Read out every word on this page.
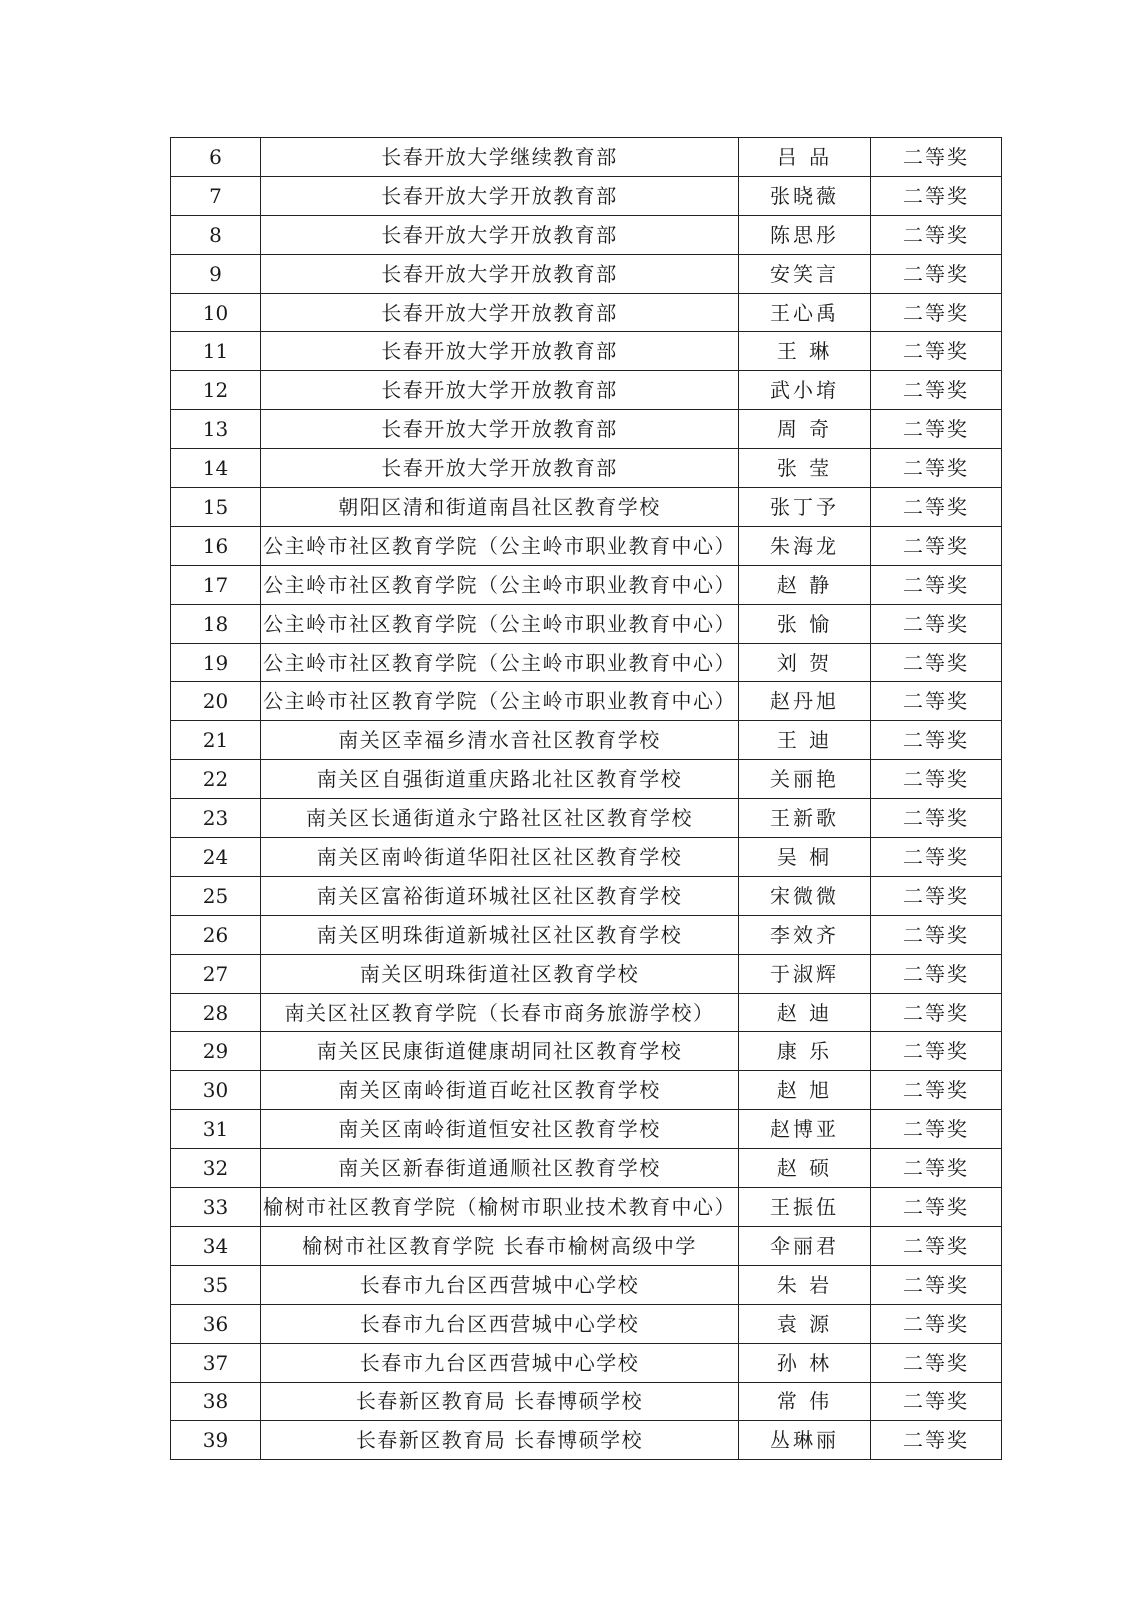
6	长春开放大学继续教育部	吕 品	二等奖
7	长春开放大学开放教育部	张晓薇	二等奖
8	长春开放大学开放教育部	陈思彤	二等奖
9	长春开放大学开放教育部	安笑言	二等奖
10	长春开放大学开放教育部	王心禹	二等奖
11	长春开放大学开放教育部	王 琳	二等奖
12	长春开放大学开放教育部	武小堉	二等奖
13	长春开放大学开放教育部	周 奇	二等奖
14	长春开放大学开放教育部	张 莹	二等奖
15	朝阳区清和街道南昌社区教育学校	张丁予	二等奖
16	公主岭市社区教育学院（公主岭市职业教育中心）	朱海龙	二等奖
17	公主岭市社区教育学院（公主岭市职业教育中心）	赵 静	二等奖
18	公主岭市社区教育学院（公主岭市职业教育中心）	张 愉	二等奖
19	公主岭市社区教育学院（公主岭市职业教育中心）	刘 贺	二等奖
20	公主岭市社区教育学院（公主岭市职业教育中心）	赵丹旭	二等奖
21	南关区幸福乡清水音社区教育学校	王 迪	二等奖
22	南关区自强街道重庆路北社区教育学校	关丽艳	二等奖
23	南关区长通街道永宁路社区社区教育学校	王新歌	二等奖
24	南关区南岭街道华阳社区社区教育学校	吴 桐	二等奖
25	南关区富裕街道环城社区社区教育学校	宋微微	二等奖
26	南关区明珠街道新城社区社区教育学校	李效齐	二等奖
27	南关区明珠街道社区教育学校	于淑辉	二等奖
28	南关区社区教育学院（长春市商务旅游学校）	赵 迪	二等奖
29	南关区民康街道健康胡同社区教育学校	康 乐	二等奖
30	南关区南岭街道百屹社区教育学校	赵 旭	二等奖
31	南关区南岭街道恒安社区教育学校	赵博亚	二等奖
32	南关区新春街道通顺社区教育学校	赵 硕	二等奖
33	榆树市社区教育学院（榆树市职业技术教育中心）	王振伍	二等奖
34	榆树市社区教育学院 长春市榆树高级中学	伞丽君	二等奖
35	长春市九台区西营城中心学校	朱 岩	二等奖
36	长春市九台区西营城中心学校	袁 源	二等奖
37	长春市九台区西营城中心学校	孙 林	二等奖
38	长春新区教育局 长春博硕学校	常 伟	二等奖
39	长春新区教育局 长春博硕学校	丛琳丽	二等奖
